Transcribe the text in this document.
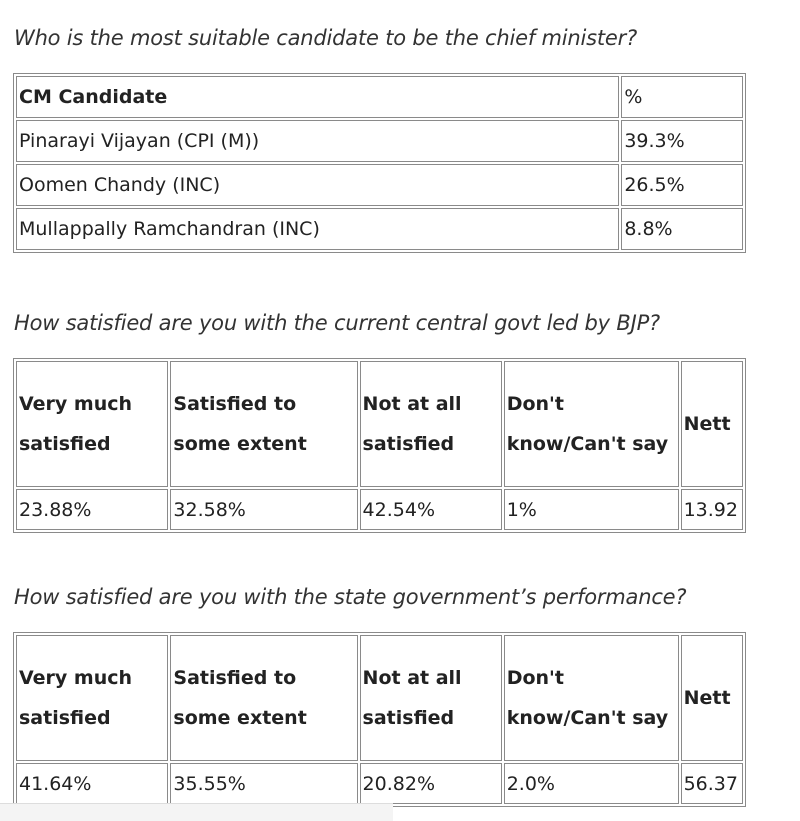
Who is the most suitable candidate to be the chief minister?

CM Candidate	%
Pinarayi Vijayan (CPI (M))	39.3%
Oomen Chandy (INC)	26.5%
Mullappally Ramchandran (INC)	8.8%

How satisfied are you with the current central govt led by BJP?

Very much satisfied	Satisfied to some extent	Not at all satisfied	Don't know/Can't say	Nett
23.88%	32.58%	42.54%	1%	13.92

How satisfied are you with the state government’s performance?

Very much satisfied	Satisfied to some extent	Not at all satisfied	Don't know/Can't say	Nett
41.64%	35.55%	20.82%	2.0%	56.37
